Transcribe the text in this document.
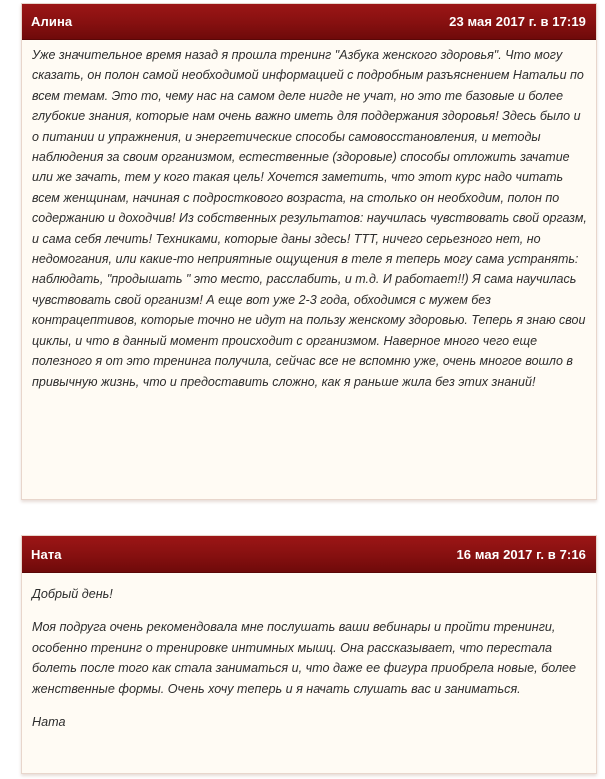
Алина	23 мая 2017 г. в 17:19

Уже значительное время назад я прошла тренинг "Азбука женского здоровья". Что могу сказать, он полон самой необходимой информацией с подробным разъяснением Натальи по всем темам. Это то, чему нас на самом деле нигде не учат, но это те базовые и более глубокие знания, которые нам очень важно иметь для поддержания здоровья! Здесь было и о питании и упражнения, и энергетические способы самовосстановления, и методы наблюдения за своим организмом, естественные (здоровые) способы отложить зачатие или же зачать, тем у кого такая цель! Хочется заметить, что этот курс надо читать всем женщинам, начиная с подросткового возраста, на столько он необходим, полон по содержанию и доходчив! Из собственных результатов: научилась чувствовать свой оргазм, и сама себя лечить! Техниками, которые даны здесь! ТТТ, ничего серьезного нет, но недомогания, или какие-то неприятные ощущения в теле я теперь могу сама устранять: наблюдать, "продышать " это место, расслабить, и т.д. И работает!!) Я сама научилась чувствовать свой организм! А еще вот уже 2-3 года, обходимся с мужем без контрацептивов, которые точно не идут на пользу женскому здоровью. Теперь я знаю свои циклы, и что в данный момент происходит с организмом. Наверное много чего еще полезного я от это тренинга получила, сейчас все не вспомню уже, очень многое вошло в привычную жизнь, что и предоставить сложно, как я раньше жила без этих знаний!

Ната	16 мая 2017 г. в 7:16

Добрый день!

Моя подруга очень рекомендовала мне послушать ваши вебинары и пройти тренинги, особенно тренинг о тренировке интимных мышц. Она рассказывает, что перестала болеть после того как стала заниматься и, что даже ее фигура приобрела новые, более женственные формы. Очень хочу теперь и я начать слушать вас и заниматься.

Ната
